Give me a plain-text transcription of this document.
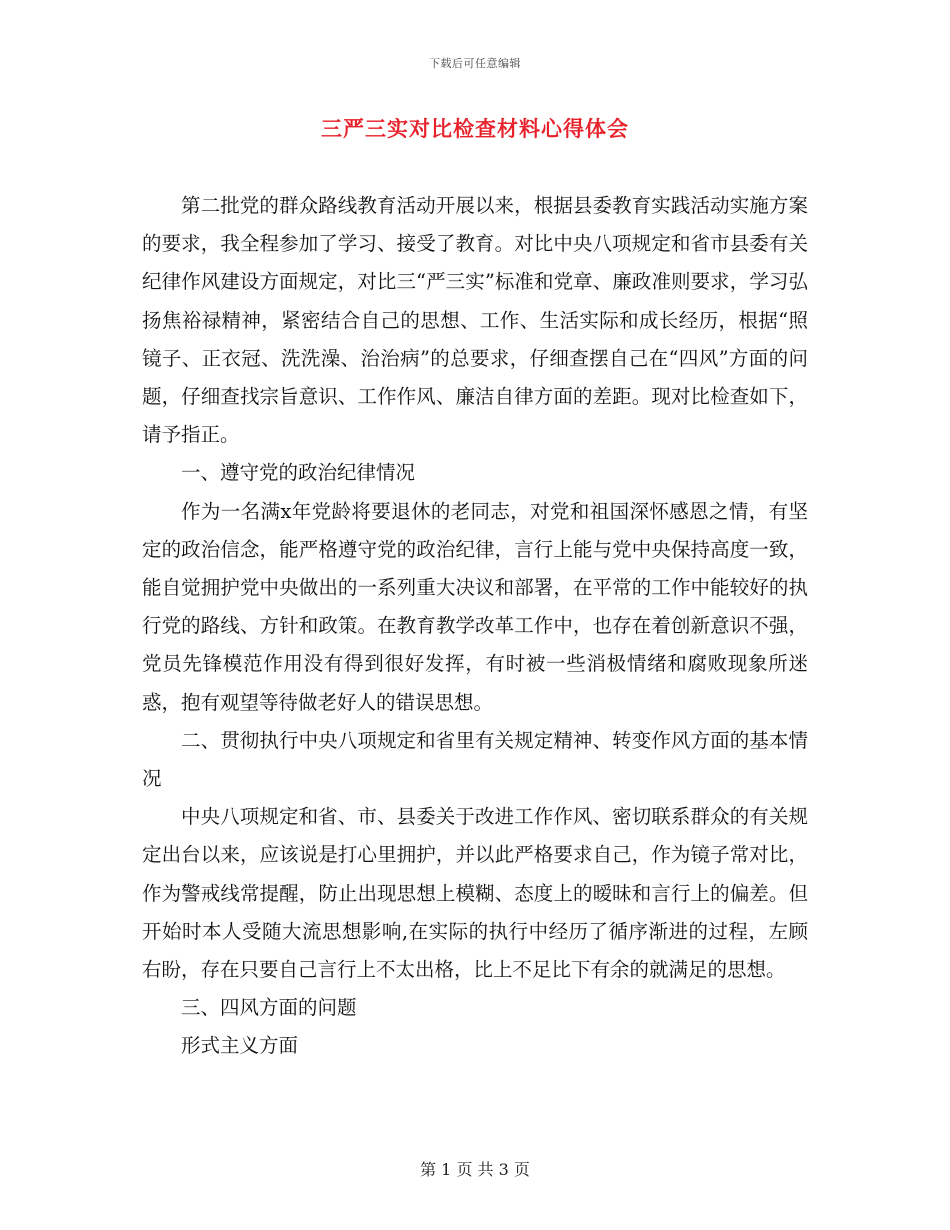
下载后可任意编辑
三严三实对比检查材料心得体会

第二批党的群众路线教育活动开展以来，根据县委教育实践活动实施方案的要求，我全程参加了学习、接受了教育。对比中央八项规定和省市县委有关纪律作风建设方面规定，对比三“严三实”标准和党章、廉政准则要求，学习弘扬焦裕禄精神，紧密结合自己的思想、工作、生活实际和成长经历，根据“照镜子、正衣冠、洗洗澡、治治病”的总要求，仔细查摆自己在“四风”方面的问题，仔细查找宗旨意识、工作作风、廉洁自律方面的差距。现对比检查如下，请予指正。

一、遵守党的政治纪律情况

作为一名满x年党龄将要退休的老同志，对党和祖国深怀感恩之情，有坚定的政治信念，能严格遵守党的政治纪律，言行上能与党中央保持高度一致，能自觉拥护党中央做出的一系列重大决议和部署，在平常的工作中能较好的执行党的路线、方针和政策。在教育教学改革工作中，也存在着创新意识不强，党员先锋模范作用没有得到很好发挥，有时被一些消极情绪和腐败现象所迷惑，抱有观望等待做老好人的错误思想。

二、贯彻执行中央八项规定和省里有关规定精神、转变作风方面的基本情况

中央八项规定和省、市、县委关于改进工作作风、密切联系群众的有关规定出台以来，应该说是打心里拥护，并以此严格要求自己，作为镜子常对比，作为警戒线常提醒，防止出现思想上模糊、态度上的暧昧和言行上的偏差。但开始时本人受随大流思想影响,在实际的执行中经历了循序渐进的过程，左顾右盼，存在只要自己言行上不太出格，比上不足比下有余的就满足的思想。

三、四风方面的问题

形式主义方面

第 1 页 共 3 页
